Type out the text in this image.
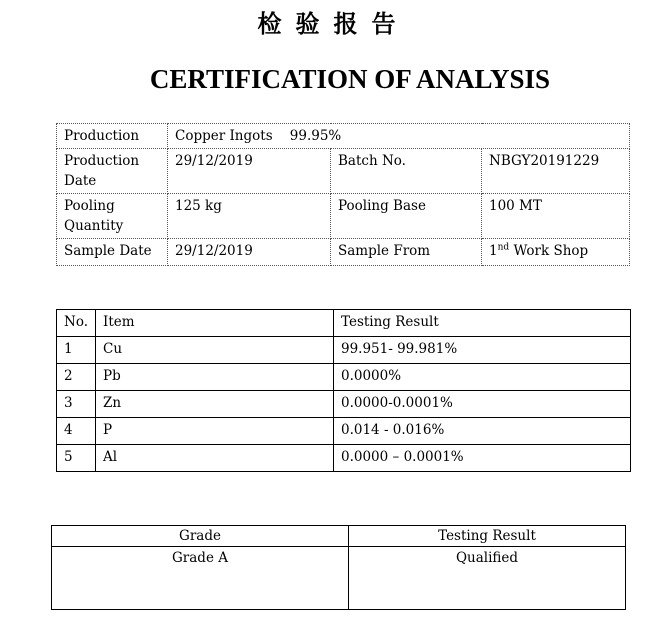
检验报告
CERTIFICATION OF ANALYSIS
Production	Copper Ingots    99.95%		
Production Date	29/12/2019	Batch No.	NBGY20191229
Pooling Quantity	125 kg	Pooling Base	100 MT
Sample Date	29/12/2019	Sample From	1nd Work Shop
No.	Item	Testing Result
1	Cu	99.951- 99.981%
2	Pb	0.0000%
3	Zn	0.0000-0.0001%
4	P	0.014 - 0.016%
5	Al	0.0000 – 0.0001%
Grade	Testing Result
Grade A	Qualified
